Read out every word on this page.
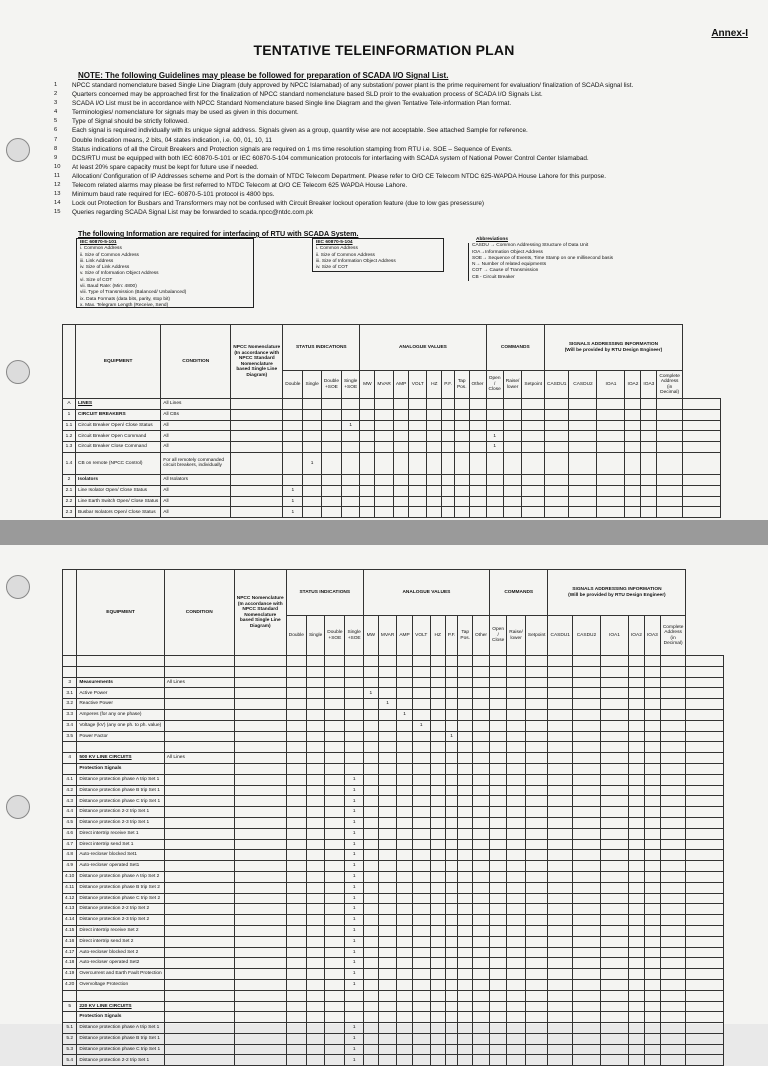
Annex-I
TENTATIVE TELEINFORMATION PLAN
NOTE: The following Guidelines may please be followed for preparation of SCADA I/O Signal List.
1	NPCC standard nomenclature based Single Line Diagram (duly approved by NPCC Islamabad) of any substation/ power plant is the prime requirement for evaluation/ finalization of SCADA signal list.
2	Quarters concerned may be approached first for the finalization of NPCC standard nomenclature based SLD proir to the evaluation process of SCADA I/O Signals List.
3	SCADA I/O List must be in accordance with NPCC Standard Nomenclature based Single line Diagram and the given Tentative Tele-information Plan format.
4	Terminologies/ nomenclature for signals may be used as given in this document.
5	Type of Signal should be strictly followed.
6	Each signal is required individually with its unique signal address. Signals given as a group, quantity wise are not acceptable. See attached Sample for reference.
7	Double Indication means, 2 bits, 04 states indication, i.e. 00, 01, 10, 11
8	Status indications of all the Circuit Breakers and Protection signals are required on 1 ms time resolution stamping from RTU i.e. SOE – Sequence of Events.
9	DCS/RTU must be equipped with both IEC 60870-5-101 or IEC 60870-5-104 communication protocols for interfacing with SCADA system of National Power Control Center Islamabad.
10	At least 20% spare capacity must be kept for future use if needed.
11	Allocation/ Configuration of IP Addresses scheme and Port is the domain of NTDC Telecom Department. Please refer to O/O CE Telecom NTDC 625-WAPDA House Lahore for this purpose.
12	Telecom related alarms may please be first referred to NTDC Telecom at O/O CE Telecom 625 WAPDA House Lahore.
13	Minimum baud rate required for IEC- 60870-5-101 protocol is 4800 bps.
14	Lock out Protection for Busbars and Transformers may not be confused with Circuit Breaker lockout operation feature (due to low gas presessure)
15	Queries regarding SCADA Signal List may be forwarded to scada.npcc@ntdc.com.pk
The following Information are required for interfacing of RTU with SCADA System.
IEC 60870-5-101
i. Common Address
ii. Size of Common Address
iii. Link Address
iv. Size of Link Address
v. Size of Information Object Address
vi. Size of COT
vii. Baud Rate: (Min: 4800)
viii. Type of Transmission (Balanced/ Unbalanced)
ix. Data Formats (data bits, parity, stop bit)
x. Max. Telegram Length (Receive, Send)
IEC 60870-5-104
i. Common Address
ii. Size of Common Address
iii. Size of Information Object Address
iv. Size of COT
Abbreviations
CASDU → Common Addressing Structure of Data Unit
IOA→Information Object Address
SOE→ Sequence of Events, Time Stamp on one millisecond basis
N→ Number of related equipments
COT → Cause of Transmission
CB - Circuit Breaker
	EQUIPMENT	CONDITION	NPCC Nomenclature (In accordance with NPCC Standard Nomenclature based Single Line Diagram)	STATUS INDICATIONS				ANALOGUE VALUES								COMMANDS			SIGNALS ADDRESSING INFORMATION
(Will be provided by RTU Design Engineer)						

				Double	Single	Double +SOE	Single +SOE	MW	MVAR	AMP	VOLT	HZ	P.F.	Tap Pos.	Other	Open / Close	Raise/ lower	Setpoint	CASDU1	CASDU2	IOA1	IOA2	IOA3	Complete Address (in Decimal)	
A	LINES	All Lines																							
1	CIRCUIT BREAKERS	All CBs																							
1.1	Circuit Breaker Open/ Close Status	All					1																		
1.2	Circuit Breaker Open Command	All														1									
1.3	Circuit Breaker Close Command	All														1									
1.4	CB on remote (NPCC Control)	For all remotely commanded circuit breakers, individually			1																				
2	Isolators	All Isolators																							
2.1	Line Isolator Open/ Close Status	All		1																					
2.2	Line Earth Switch Open/ Close Status	All		1																					
2.3	Busbar Isolators Open/ Close Status	All		1																					
	EQUIPMENT	CONDITION	NPCC Nomenclature (In accordance with NPCC Standard Nomenclature based Single Line Diagram)	STATUS INDICATIONS				ANALOGUE VALUES								COMMANDS			SIGNALS ADDRESSING INFORMATION
(Will be provided by RTU Design Engineer)						

				Double	Single	Double +SOE	Single +SOE	MW	MVAR	AMP	VOLT	HZ	P.F.	Tap Pos.	Other	Open / Close	Raise/ lower	Setpoint	CASDU1	CASDU2	IOA1	IOA2	IOA3	Complete Address (in Decimal)	

3	Measurements	All Lines																							
3.1	Active Power							1																	
3.2	Reactive Power								1																
3.3	Amperes (for any one phase)									1															
3.4	Voltage (kV) (any one ph. to ph. value)										1														
3.5	Power Factor												1												

4	500 KV LINE CIRCUITS	All Lines																							
	Protection Signals																								
4.1	Distance protection phase A trip Set 1						1																		
4.2	Distance protection phase B trip Set 1						1																		
4.3	Distance protection phase C trip Set 1						1																		
4.4	Distance protection 2-2 trip Set 1						1																		
4.5	Distance protection 2-3 trip Set 1						1																		
4.6	Direct intertrip receive Set 1						1																		
4.7	Direct intertrip send Set 1						1																		
4.8	Auto-recloser blocked Set1						1																		
4.9	Auto-recloser operated Set1						1																		
4.10	Distance protection phase A trip Set 2						1																		
4.11	Distance protection phase B trip Set 2						1																		
4.12	Distance protection phase C trip Set 2						1																		
4.13	Distance protection 2-2 trip Set 2						1																		
4.14	Distance protection 2-3 trip Set 2						1																		
4.15	Direct intertrip receive Set 2						1																		
4.16	Direct intertrip send Set 2						1																		
4.17	Auto-recloser blocked Set 2						1																		
4.18	Auto-recloser operated Set2						1																		
4.19	Overcurrent and Earth Fault Protection						1																		
4.20	Overvoltage Protection						1																		

5	220 KV LINE CIRCUITS																								
	Protection Signals																								
5.1	Distance protection phase A trip Set 1						1																		
5.2	Distance protection phase B trip Set 1						1																		
5.3	Distance protection phase C trip Set 1						1																		
5.4	Distance protection 2-2 trip Set 1						1																		
